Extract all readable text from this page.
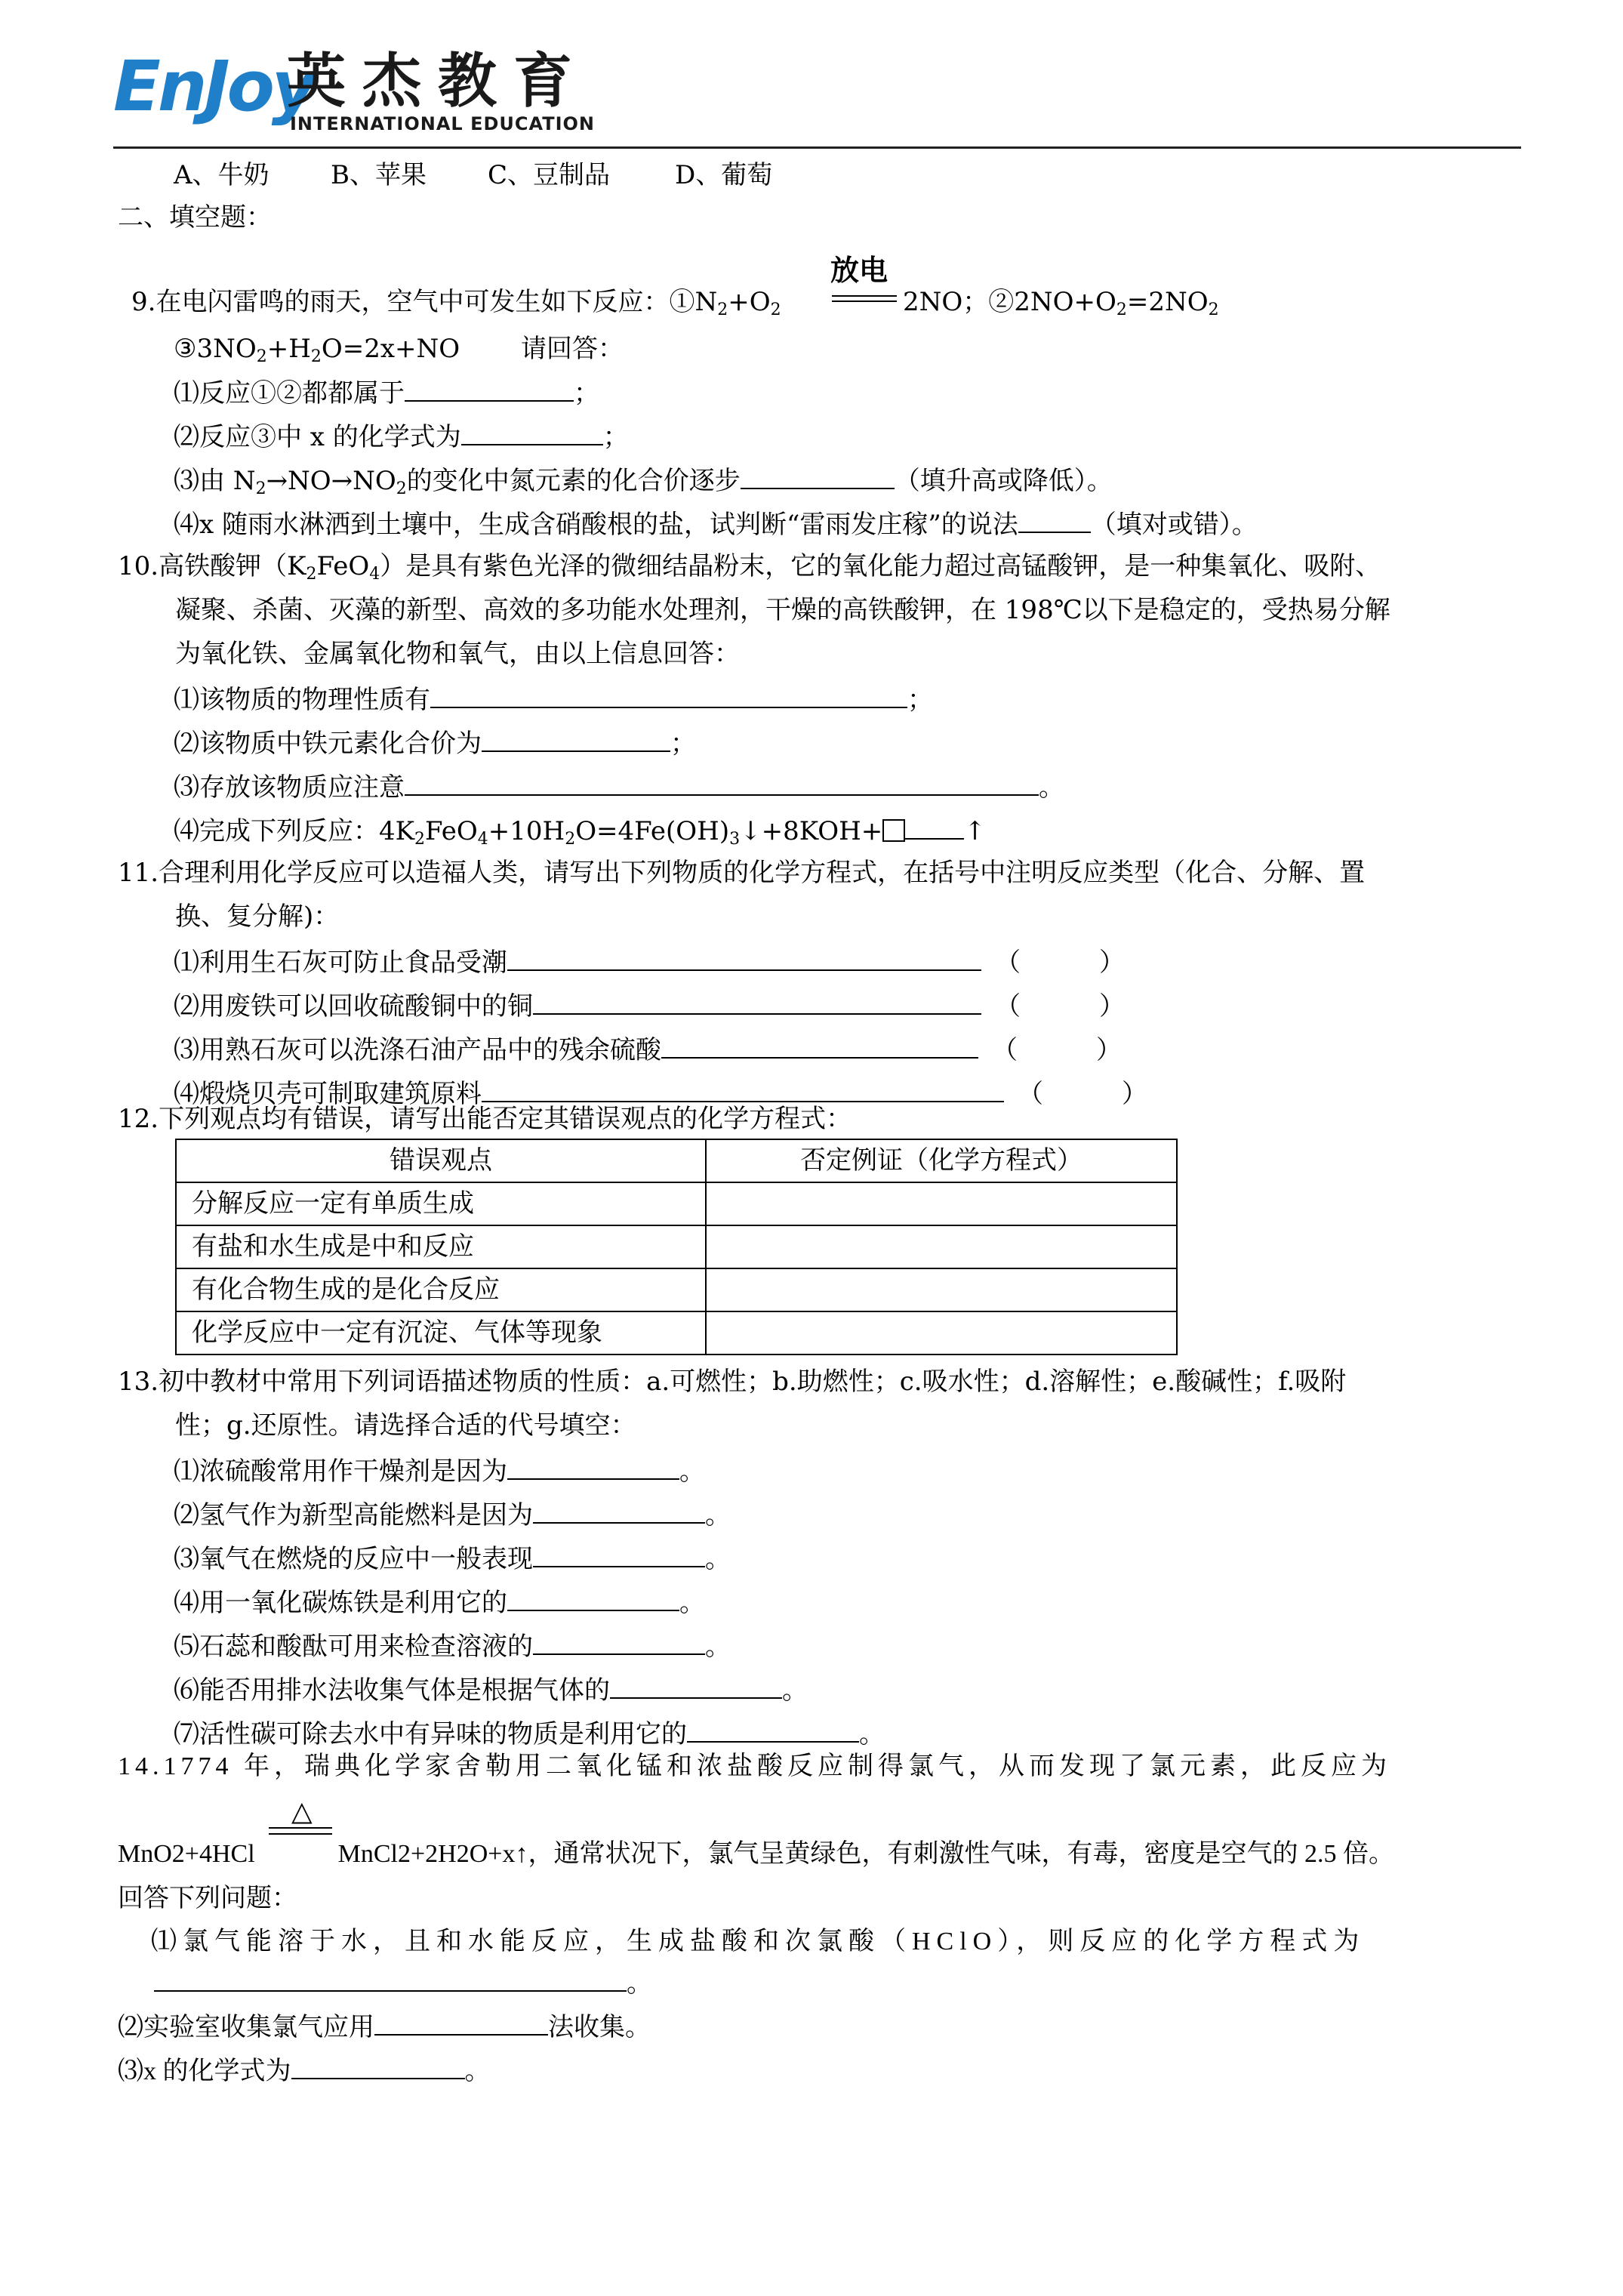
EnJoy
英杰教育
INTERNATIONAL EDUCATION
A、牛奶 B、苹果 C、豆制品	D、葡萄
二、填空题：
放电
9.在电闪雷鸣的雨天，空气中可发生如下反应：$①N_2+O_2$	2NO；$②2NO+O_2=2NO_2$
$③3NO_2+H_2O=2x+NO$ 请回答：
⑴反应①②都都属于	；
⑵反应③中 x 的化学式为	；
⑶由 $N_2\to NO\to NO_2$的变化中氮元素的化合价逐步	（填升高或降低）。
⑷x 随雨水淋洒到土壤中，生成含硝酸根的盐，试判断“雷雨发庄稼”的说法	（填对或错）。
10.高铁酸钾$(K_2FeO_4)$是具有紫色光泽的微细结晶粉末，它的氧化能力超过高锰酸钾，是一种集氧化、吸附、
凝聚、杀菌、灭藻的新型、高效的多功能水处理剂，干燥的高铁酸钾，在 198℃以下是稳定的，受热易分解
为氧化铁、金属氧化物和氧气，由以上信息回答：
⑴该物质的物理性质有	；
⑵该物质中铁元素化合价为	；
⑶存放该物质应注意	。
⑷完成下列反应：$4K_2FeO_4+10H_2O=4Fe(OH)_3↓+8KOH+$	↑
11.合理利用化学反应可以造福人类，请写出下列物质的化学方程式，在括号中注明反应类型（化合、分解、置
换、复分解)：
⑴利用生石灰可防止食品受潮	（	）
⑵用废铁可以回收硫酸铜中的铜	（	）
⑶用熟石灰可以洗涤石油产品中的残余硫酸	（	）
⑷煅烧贝壳可制取建筑原料	（	）
12.下列观点均有错误，请写出能否定其错误观点的化学方程式：
错误观点	否定例证（化学方程式）
分解反应一定有单质生成	
有盐和水生成是中和反应	
有化合物生成的是化合反应	
化学反应中一定有沉淀、气体等现象	
13.初中教材中常用下列词语描述物质的性质：a.可燃性；b.助燃性；c.吸水性；d.溶解性；e.酸碱性；f.吸附
性；g.还原性。请选择合适的代号填空：
⑴浓硫酸常用作干燥剂是因为	。
⑵氢气作为新型高能燃料是因为	。
⑶氧气在燃烧的反应中一般表现	。
⑷用一氧化碳炼铁是利用它的	。
⑸石蕊和酸酞可用来检查溶液的	。
⑹能否用排水法收集气体是根据气体的	。
⑺活性碳可除去水中有异味的物质是利用它的	。
14.1774 年，瑞典化学家舍勒用二氧化锰和浓盐酸反应制得氯气，从而发现了氯元素，此反应为
△
MnO2+4HCl	MnCl2+2H2O+x↑，通常状况下，氯气呈黄绿色，有刺激性气味，有毒，密度是空气的 2.5 倍。
回答下列问题：
⑴氯气能溶于水，且和水能反应，生成盐酸和次氯酸（HClO），则反应的化学方程式为
。
⑵实验室收集氯气应用	法收集。
⑶x 的化学式为	。
